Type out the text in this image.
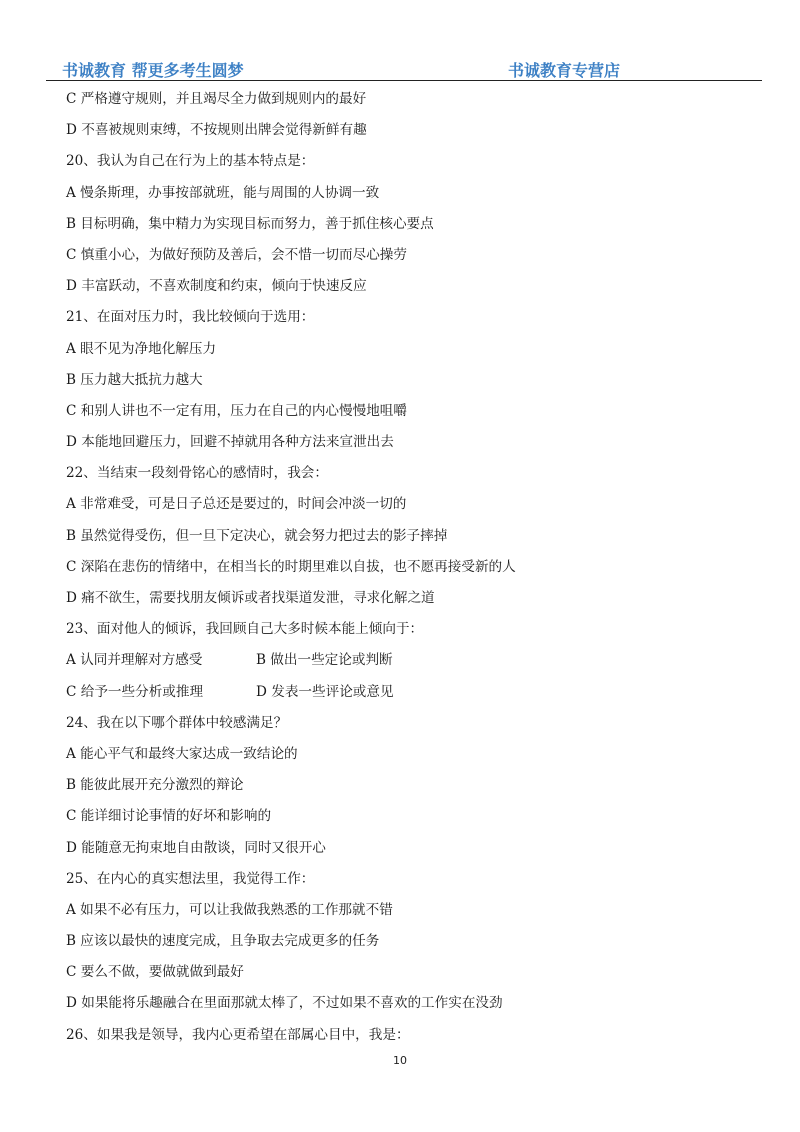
书诚教育 帮更多考生圆梦	书诚教育专营店
C 严格遵守规则，并且竭尽全力做到规则内的最好
D 不喜被规则束缚，不按规则出牌会觉得新鲜有趣
20、我认为自己在行为上的基本特点是：
A 慢条斯理，办事按部就班，能与周围的人协调一致
B 目标明确，集中精力为实现目标而努力，善于抓住核心要点
C 慎重小心，为做好预防及善后，会不惜一切而尽心操劳
D 丰富跃动，不喜欢制度和约束，倾向于快速反应
21、在面对压力时，我比较倾向于选用：
A 眼不见为净地化解压力
B 压力越大抵抗力越大
C 和别人讲也不一定有用，压力在自己的内心慢慢地咀嚼
D 本能地回避压力，回避不掉就用各种方法来宣泄出去
22、当结束一段刻骨铭心的感情时，我会：
A 非常难受，可是日子总还是要过的，时间会冲淡一切的
B 虽然觉得受伤，但一旦下定决心，就会努力把过去的影子摔掉
C 深陷在悲伤的情绪中，在相当长的时期里难以自拔，也不愿再接受新的人
D 痛不欲生，需要找朋友倾诉或者找渠道发泄，寻求化解之道
23、面对他人的倾诉，我回顾自己大多时候本能上倾向于：
A 认同并理解对方感受	B 做出一些定论或判断
C 给予一些分析或推理	D 发表一些评论或意见
24、我在以下哪个群体中较感满足？
A 能心平气和最终大家达成一致结论的
B 能彼此展开充分激烈的辩论
C 能详细讨论事情的好坏和影响的
D 能随意无拘束地自由散谈，同时又很开心
25、在内心的真实想法里，我觉得工作：
A 如果不必有压力，可以让我做我熟悉的工作那就不错
B 应该以最快的速度完成，且争取去完成更多的任务
C 要么不做，要做就做到最好
D 如果能将乐趣融合在里面那就太棒了，不过如果不喜欢的工作实在没劲
26、如果我是领导，我内心更希望在部属心目中，我是：
10
